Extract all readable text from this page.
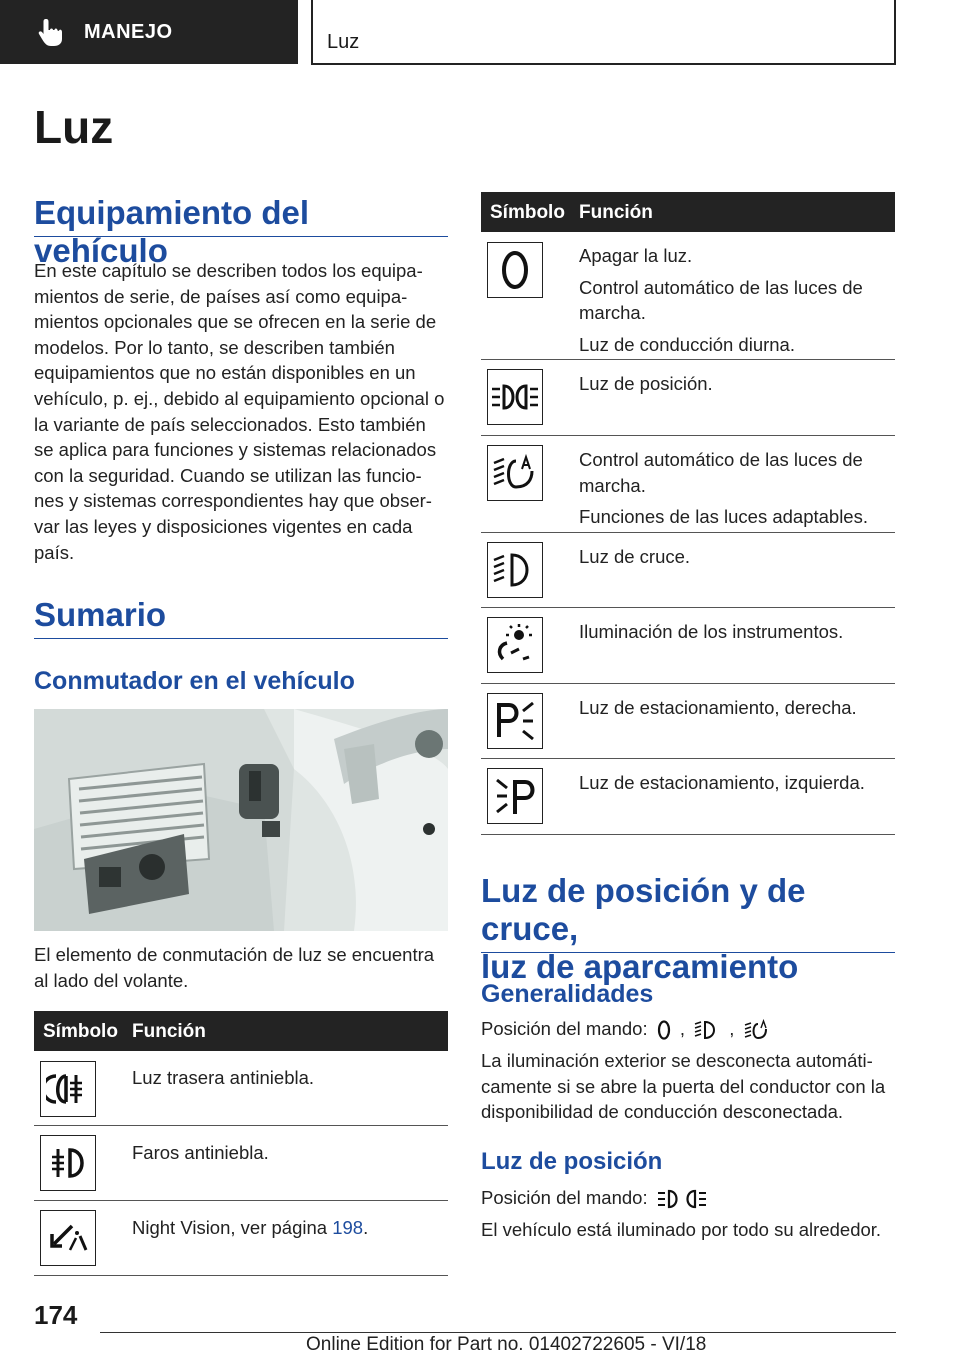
MANEJO	Luz
Luz
Equipamiento del vehículo
En este capítulo se describen todos los equipa-mientos de serie, de países así como equipa-mientos opcionales que se ofrecen en la serie de modelos. Por lo tanto, se describen también equipamientos que no están disponibles en un vehículo, p. ej., debido al equipamiento opcional o la variante de país seleccionados. Esto también se aplica para funciones y sistemas relacionados con la seguridad. Cuando se utilizan las funcio-nes y sistemas correspondientes hay que obser-var las leyes y disposiciones vigentes en cada país.
Sumario
Conmutador en el vehículo
El elemento de conmutación de luz se encuentra al lado del volante.
Símbolo Función
Luz trasera antiniebla.
Faros antiniebla.
Night Vision, ver página 198.
Símbolo Función

Apagar la luz.

Control automático de las luces de marcha.

Luz de conducción diurna.

Luz de posición.

Control automático de las luces de marcha.

Funciones de las luces adaptables.

Luz de cruce.
Iluminación de los instrumentos.
Luz de estacionamiento, derecha.
Luz de estacionamiento, izquierda.
Luz de posición y de cruce,
luz de aparcamiento
Generalidades
Posición del mando:  ,  ,
La iluminación exterior se desconecta automáti-camente si se abre la puerta del conductor con la disponibilidad de conducción desconectada.
Luz de posición
Posición del mando:
El vehículo está iluminado por todo su alrededor.
174
Online Edition for Part no. 01402722605 - VI/18
